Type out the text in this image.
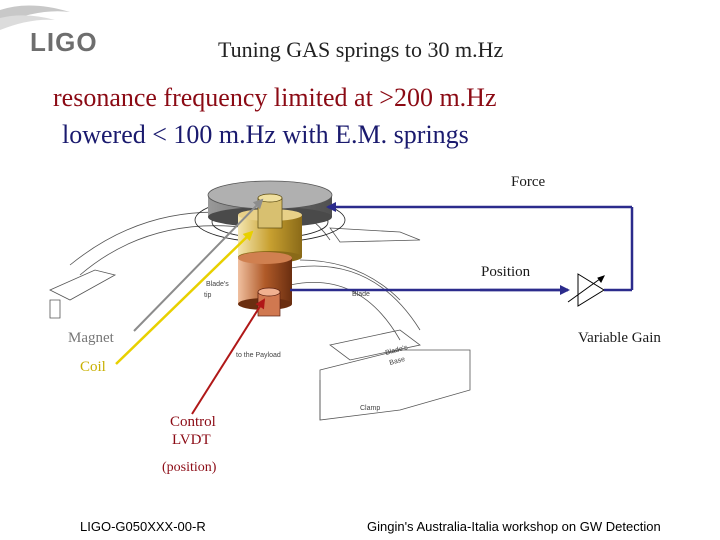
LIGO	Tuning GAS springs to 30 m.Hz
resonance frequency limited at >200 m.Hz
lowered < 100 m.Hz with E.M. springs
Blade's
tip	Blade
to the Payload	Blade's
Base
Clamp
Force
Position
Variable Gain
Magnet
Coil
Control
LVDT
(position)
LIGO-G050XXX-00-R	Gingin's Australia-Italia workshop on GW Detection
